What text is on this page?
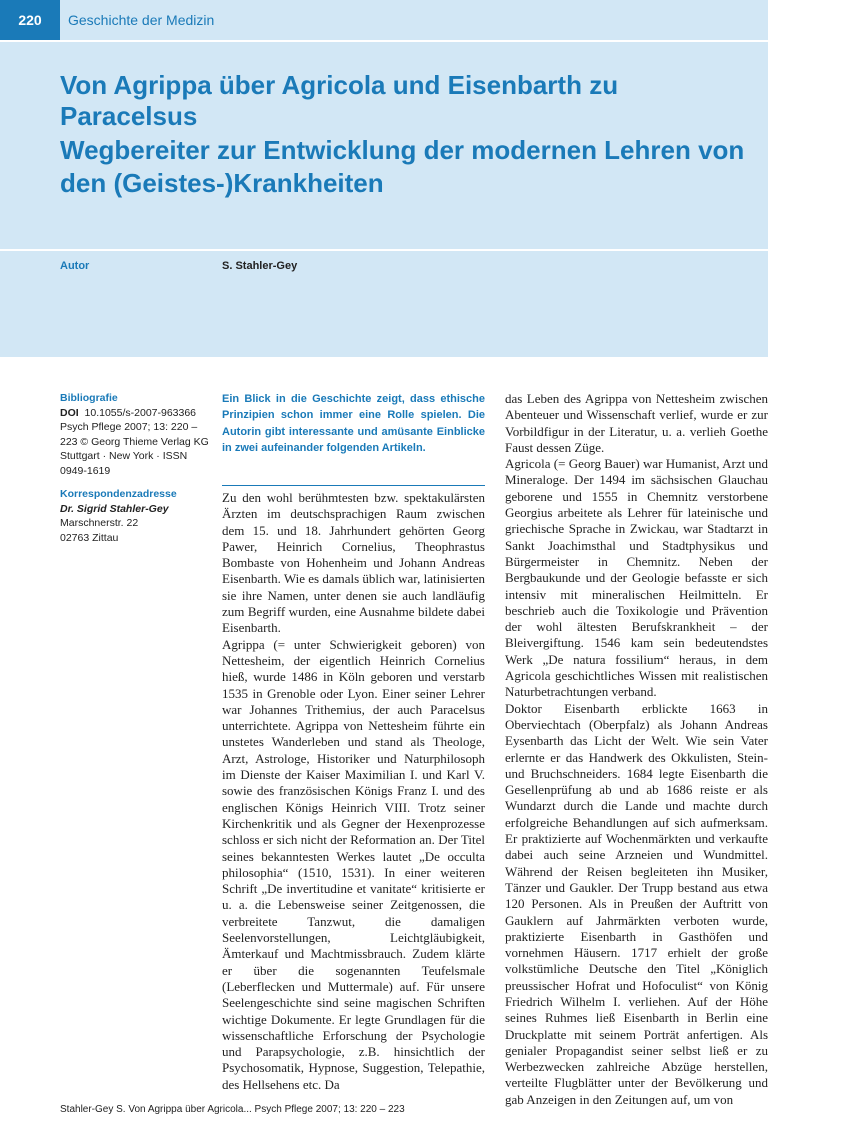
220	Geschichte der Medizin
Von Agrippa über Agricola und Eisenbarth zu Paracelsus
Wegbereiter zur Entwicklung der modernen Lehren von den (Geistes-)Krankheiten
Autor	S. Stahler-Gey
Bibliografie
DOI 10.1055/s-2007-963366
Psych Pflege 2007; 13: 220 – 223 © Georg Thieme Verlag KG Stuttgart · New York · ISSN 0949-1619
Korrespondenzadresse
Dr. Sigrid Stahler-Gey
Marschnerstr. 22
02763 Zittau

Ein Blick in die Geschichte zeigt, dass ethische Prinzipien schon immer eine Rolle spielen. Die Autorin gibt interessante und amüsante Einblicke in zwei aufeinander folgenden Artikeln.

Zu den wohl berühmtesten bzw. spektakulärsten Ärzten im deutschsprachigen Raum zwischen dem 15. und 18. Jahrhundert gehörten Georg Pawer, Heinrich Cornelius, Theophrastus Bombaste von Hohenheim und Johann Andreas Eisenbarth. Wie es damals üblich war, latinisierten sie ihre Namen, unter denen sie auch landläufig zum Begriff wurden, eine Ausnahme bildete dabei Eisenbarth.

Agrippa (= unter Schwierigkeit geboren) von Nettesheim, der eigentlich Heinrich Cornelius hieß, wurde 1486 in Köln geboren und verstarb 1535 in Grenoble oder Lyon. Einer seiner Lehrer war Johannes Trithemius, der auch Paracelsus unterrichtete. Agrippa von Nettesheim führte ein unstetes Wanderleben und stand als Theologe, Arzt, Astrologe, Historiker und Naturphilosoph im Dienste der Kaiser Maximilian I. und Karl V. sowie des französischen Königs Franz I. und des englischen Königs Heinrich VIII. Trotz seiner Kirchenkritik und als Gegner der Hexenprozesse schloss er sich nicht der Reformation an. Der Titel seines bekanntesten Werkes lautet „De occulta philosophia“ (1510, 1531). In einer weiteren Schrift „De invertitudine et vanitate“ kritisierte er u. a. die Lebensweise seiner Zeitgenossen, die verbreitete Tanzwut, die damaligen Seelenvorstellungen, Leichtgläubigkeit, Ämterkauf und Machtmissbrauch. Zudem klärte er über die sogenannten Teufelsmale (Leberflecken und Muttermale) auf. Für unsere Seelengeschichte sind seine magischen Schriften wichtige Dokumente. Er legte Grundlagen für die wissenschaftliche Erforschung der Psychologie und Parapsychologie, z.B. hinsichtlich der Psychosomatik, Hypnose, Suggestion, Telepathie, des Hellsehens etc. Da

das Leben des Agrippa von Nettesheim zwischen Abenteuer und Wissenschaft verlief, wurde er zur Vorbildfigur in der Literatur, u. a. verlieh Goethe Faust dessen Züge.

Agricola (= Georg Bauer) war Humanist, Arzt und Mineraloge. Der 1494 im sächsischen Glauchau geborene und 1555 in Chemnitz verstorbene Georgius arbeitete als Lehrer für lateinische und griechische Sprache in Zwickau, war Stadtarzt in Sankt Joachimsthal und Stadtphysikus und Bürgermeister in Chemnitz. Neben der Bergbaukunde und der Geologie befasste er sich intensiv mit mineralischen Heilmitteln. Er beschrieb auch die Toxikologie und Prävention der wohl ältesten Berufskrankheit – der Bleivergiftung. 1546 kam sein bedeutendstes Werk „De natura fossilium“ heraus, in dem Agricola geschichtliches Wissen mit realistischen Naturbetrachtungen verband.

Doktor Eisenbarth erblickte 1663 in Oberviechtach (Oberpfalz) als Johann Andreas Eysenbarth das Licht der Welt. Wie sein Vater erlernte er das Handwerk des Okkulisten, Stein- und Bruchschneiders. 1684 legte Eisenbarth die Gesellenprüfung ab und ab 1686 reiste er als Wundarzt durch die Lande und machte durch erfolgreiche Behandlungen auf sich aufmerksam. Er praktizierte auf Wochenmärkten und verkaufte dabei auch seine Arzneien und Wundmittel. Während der Reisen begleiteten ihn Musiker, Tänzer und Gaukler. Der Trupp bestand aus etwa 120 Personen. Als in Preußen der Auftritt von Gauklern auf Jahrmärkten verboten wurde, praktizierte Eisenbarth in Gasthöfen und vornehmen Häusern. 1717 erhielt der große volkstümliche Deutsche den Titel „Königlich preussischer Hofrat und Hofoculist“ von König Friedrich Wilhelm I. verliehen. Auf der Höhe seines Ruhmes ließ Eisenbarth in Berlin eine Druckplatte mit seinem Porträt anfertigen. Als genialer Propagandist seiner selbst ließ er zu Werbezwecken zahlreiche Abzüge herstellen, verteilte Flugblätter unter der Bevölkerung und gab Anzeigen in den Zeitungen auf, um von

Stahler-Gey S. Von Agrippa über Agricola... Psych Pflege 2007; 13: 220 – 223
